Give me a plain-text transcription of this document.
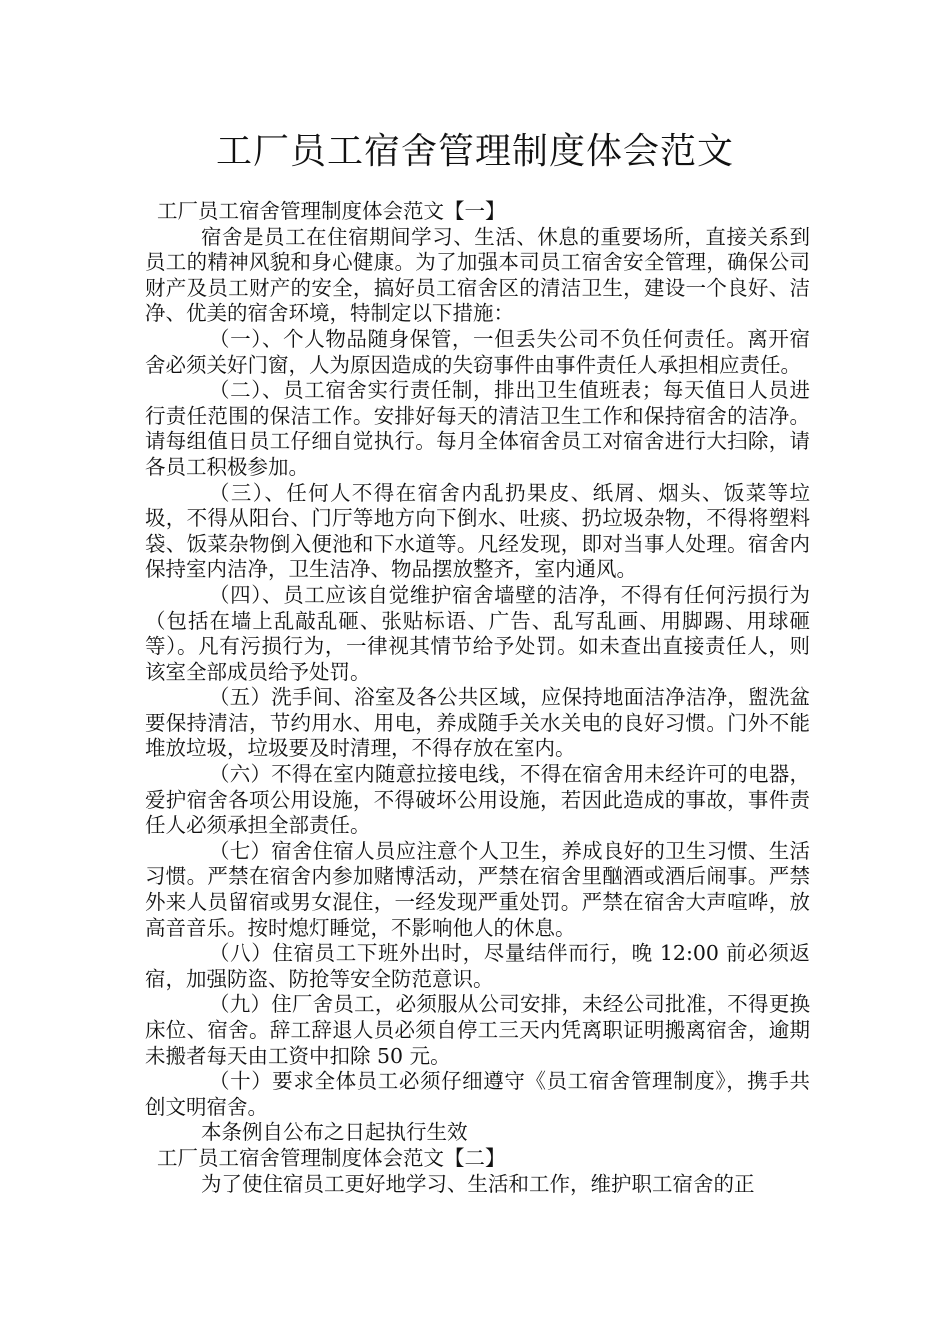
工厂员工宿舍管理制度体会范文

工厂员工宿舍管理制度体会范文【一】

宿舍是员工在住宿期间学习、生活、休息的重要场所，直接关系到员工的精神风貌和身心健康。为了加强本司员工宿舍安全管理，确保公司财产及员工财产的安全，搞好员工宿舍区的清洁卫生，建设一个良好、洁净、优美的宿舍环境，特制定以下措施：

（一）、个人物品随身保管，一但丢失公司不负任何责任。离开宿舍必须关好门窗，人为原因造成的失窃事件由事件责任人承担相应责任。

（二）、员工宿舍实行责任制，排出卫生值班表；每天值日人员进行责任范围的保洁工作。安排好每天的清洁卫生工作和保持宿舍的洁净。请每组值日员工仔细自觉执行。每月全体宿舍员工对宿舍进行大扫除，请各员工积极参加。

（三）、任何人不得在宿舍内乱扔果皮、纸屑、烟头、饭菜等垃圾，不得从阳台、门厅等地方向下倒水、吐痰、扔垃圾杂物，不得将塑料袋、饭菜杂物倒入便池和下水道等。凡经发现，即对当事人处理。宿舍内保持室内洁净，卫生洁净、物品摆放整齐，室内通风。

（四）、员工应该自觉维护宿舍墙壁的洁净，不得有任何污损行为（包括在墙上乱敲乱砸、张贴标语、广告、乱写乱画、用脚踢、用球砸等）。凡有污损行为，一律视其情节给予处罚。如未查出直接责任人，则该室全部成员给予处罚。

（五）洗手间、浴室及各公共区域，应保持地面洁净洁净，盥洗盆要保持清洁，节约用水、用电，养成随手关水关电的良好习惯。门外不能堆放垃圾，垃圾要及时清理，不得存放在室内。

（六）不得在室内随意拉接电线，不得在宿舍用未经许可的电器，爱护宿舍各项公用设施，不得破坏公用设施，若因此造成的事故，事件责任人必须承担全部责任。

（七）宿舍住宿人员应注意个人卫生，养成良好的卫生习惯、生活习惯。严禁在宿舍内参加赌博活动，严禁在宿舍里酗酒或酒后闹事。严禁外来人员留宿或男女混住，一经发现严重处罚。严禁在宿舍大声喧哗，放高音音乐。按时熄灯睡觉，不影响他人的休息。

（八）住宿员工下班外出时，尽量结伴而行，晚 12:00 前必须返宿，加强防盗、防抢等安全防范意识。

（九）住厂舍员工，必须服从公司安排，未经公司批准，不得更换床位、宿舍。辞工辞退人员必须自停工三天内凭离职证明搬离宿舍，逾期未搬者每天由工资中扣除 50 元。

（十）要求全体员工必须仔细遵守《员工宿舍管理制度》，携手共创文明宿舍。

本条例自公布之日起执行生效

工厂员工宿舍管理制度体会范文【二】

为了使住宿员工更好地学习、生活和工作，维护职工宿舍的正
